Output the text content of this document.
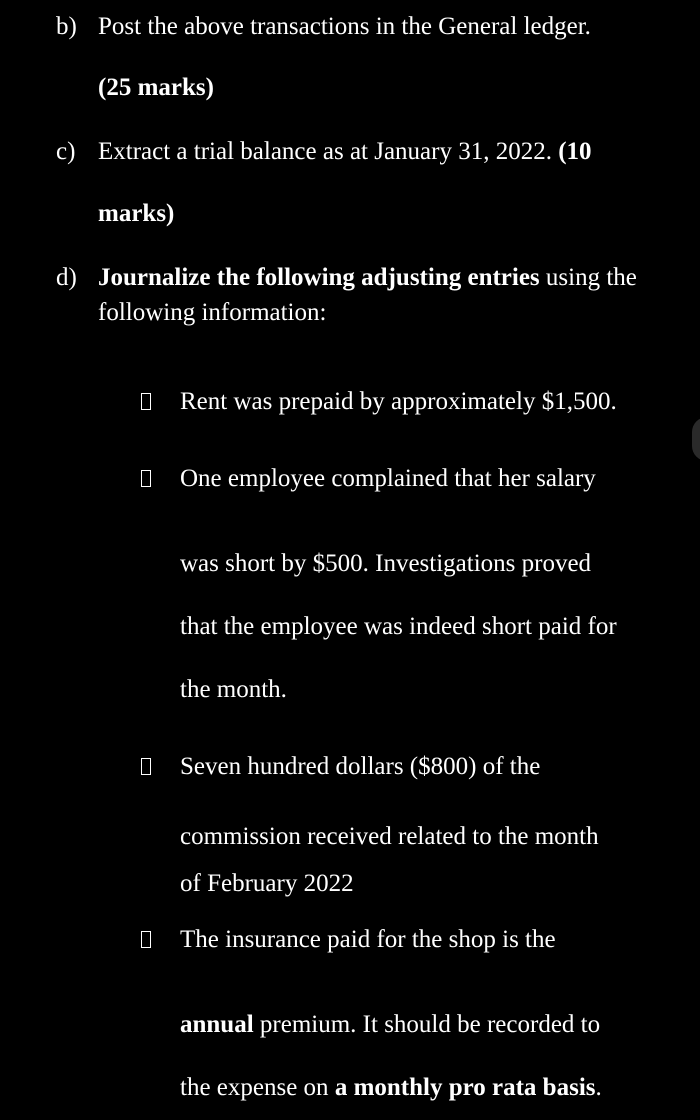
b) Post the above transactions in the General ledger.
(25 marks)
c) Extract a trial balance as at January 31, 2022. (10
marks)
d) Journalize the following adjusting entries using the
following information:
Rent was prepaid by approximately $1,500.
One employee complained that her salary
was short by $500. Investigations proved
that the employee was indeed short paid for
the month.
Seven hundred dollars ($800) of the
commission received related to the month
of February 2022
The insurance paid for the shop is the
annual premium. It should be recorded to
the expense on a monthly pro rata basis.
